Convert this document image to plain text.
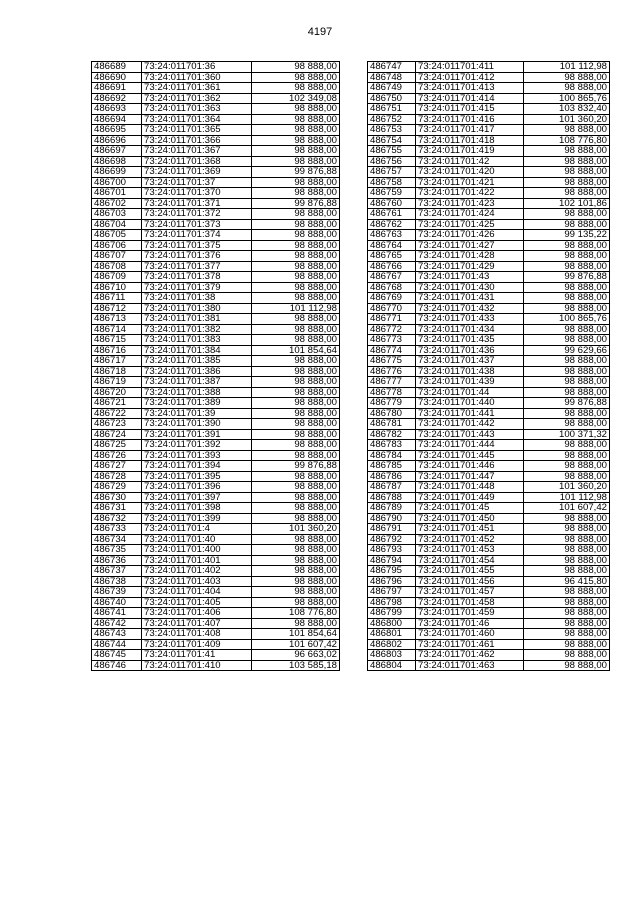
4197
486689	73:24:011701:36	98 888,00
486690	73:24:011701:360	98 888,00
486691	73:24:011701:361	98 888,00
486692	73:24:011701:362	102 349,08
486693	73:24:011701:363	98 888,00
486694	73:24:011701:364	98 888,00
486695	73:24:011701:365	98 888,00
486696	73:24:011701:366	98 888,00
486697	73:24:011701:367	98 888,00
486698	73:24:011701:368	98 888,00
486699	73:24:011701:369	99 876,88
486700	73:24:011701:37	98 888,00
486701	73:24:011701:370	98 888,00
486702	73:24:011701:371	99 876,88
486703	73:24:011701:372	98 888,00
486704	73:24:011701:373	98 888,00
486705	73:24:011701:374	98 888,00
486706	73:24:011701:375	98 888,00
486707	73:24:011701:376	98 888,00
486708	73:24:011701:377	98 888,00
486709	73:24:011701:378	98 888,00
486710	73:24:011701:379	98 888,00
486711	73:24:011701:38	98 888,00
486712	73:24:011701:380	101 112,98
486713	73:24:011701:381	98 888,00
486714	73:24:011701:382	98 888,00
486715	73:24:011701:383	98 888,00
486716	73:24:011701:384	101 854,64
486717	73:24:011701:385	98 888,00
486718	73:24:011701:386	98 888,00
486719	73:24:011701:387	98 888,00
486720	73:24:011701:388	98 888,00
486721	73:24:011701:389	98 888,00
486722	73:24:011701:39	98 888,00
486723	73:24:011701:390	98 888,00
486724	73:24:011701:391	98 888,00
486725	73:24:011701:392	98 888,00
486726	73:24:011701:393	98 888,00
486727	73:24:011701:394	99 876,88
486728	73:24:011701:395	98 888,00
486729	73:24:011701:396	98 888,00
486730	73:24:011701:397	98 888,00
486731	73:24:011701:398	98 888,00
486732	73:24:011701:399	98 888,00
486733	73:24:011701:4	101 360,20
486734	73:24:011701:40	98 888,00
486735	73:24:011701:400	98 888,00
486736	73:24:011701:401	98 888,00
486737	73:24:011701:402	98 888,00
486738	73:24:011701:403	98 888,00
486739	73:24:011701:404	98 888,00
486740	73:24:011701:405	98 888,00
486741	73:24:011701:406	108 776,80
486742	73:24:011701:407	98 888,00
486743	73:24:011701:408	101 854,64
486744	73:24:011701:409	101 607,42
486745	73:24:011701:41	96 663,02
486746	73:24:011701:410	103 585,18
486747	73:24:011701:411	101 112,98
486748	73:24:011701:412	98 888,00
486749	73:24:011701:413	98 888,00
486750	73:24:011701:414	100 865,76
486751	73:24:011701:415	103 832,40
486752	73:24:011701:416	101 360,20
486753	73:24:011701:417	98 888,00
486754	73:24:011701:418	108 776,80
486755	73:24:011701:419	98 888,00
486756	73:24:011701:42	98 888,00
486757	73:24:011701:420	98 888,00
486758	73:24:011701:421	98 888,00
486759	73:24:011701:422	98 888,00
486760	73:24:011701:423	102 101,86
486761	73:24:011701:424	98 888,00
486762	73:24:011701:425	98 888,00
486763	73:24:011701:426	99 135,22
486764	73:24:011701:427	98 888,00
486765	73:24:011701:428	98 888,00
486766	73:24:011701:429	98 888,00
486767	73:24:011701:43	99 876,88
486768	73:24:011701:430	98 888,00
486769	73:24:011701:431	98 888,00
486770	73:24:011701:432	98 888,00
486771	73:24:011701:433	100 865,76
486772	73:24:011701:434	98 888,00
486773	73:24:011701:435	98 888,00
486774	73:24:011701:436	99 629,66
486775	73:24:011701:437	98 888,00
486776	73:24:011701:438	98 888,00
486777	73:24:011701:439	98 888,00
486778	73:24:011701:44	98 888,00
486779	73:24:011701:440	99 876,88
486780	73:24:011701:441	98 888,00
486781	73:24:011701:442	98 888,00
486782	73:24:011701:443	100 371,32
486783	73:24:011701:444	98 888,00
486784	73:24:011701:445	98 888,00
486785	73:24:011701:446	98 888,00
486786	73:24:011701:447	98 888,00
486787	73:24:011701:448	101 360,20
486788	73:24:011701:449	101 112,98
486789	73:24:011701:45	101 607,42
486790	73:24:011701:450	98 888,00
486791	73:24:011701:451	98 888,00
486792	73:24:011701:452	98 888,00
486793	73:24:011701:453	98 888,00
486794	73:24:011701:454	98 888,00
486795	73:24:011701:455	98 888,00
486796	73:24:011701:456	96 415,80
486797	73:24:011701:457	98 888,00
486798	73:24:011701:458	98 888,00
486799	73:24:011701:459	98 888,00
486800	73:24:011701:46	98 888,00
486801	73:24:011701:460	98 888,00
486802	73:24:011701:461	98 888,00
486803	73:24:011701:462	98 888,00
486804	73:24:011701:463	98 888,00
